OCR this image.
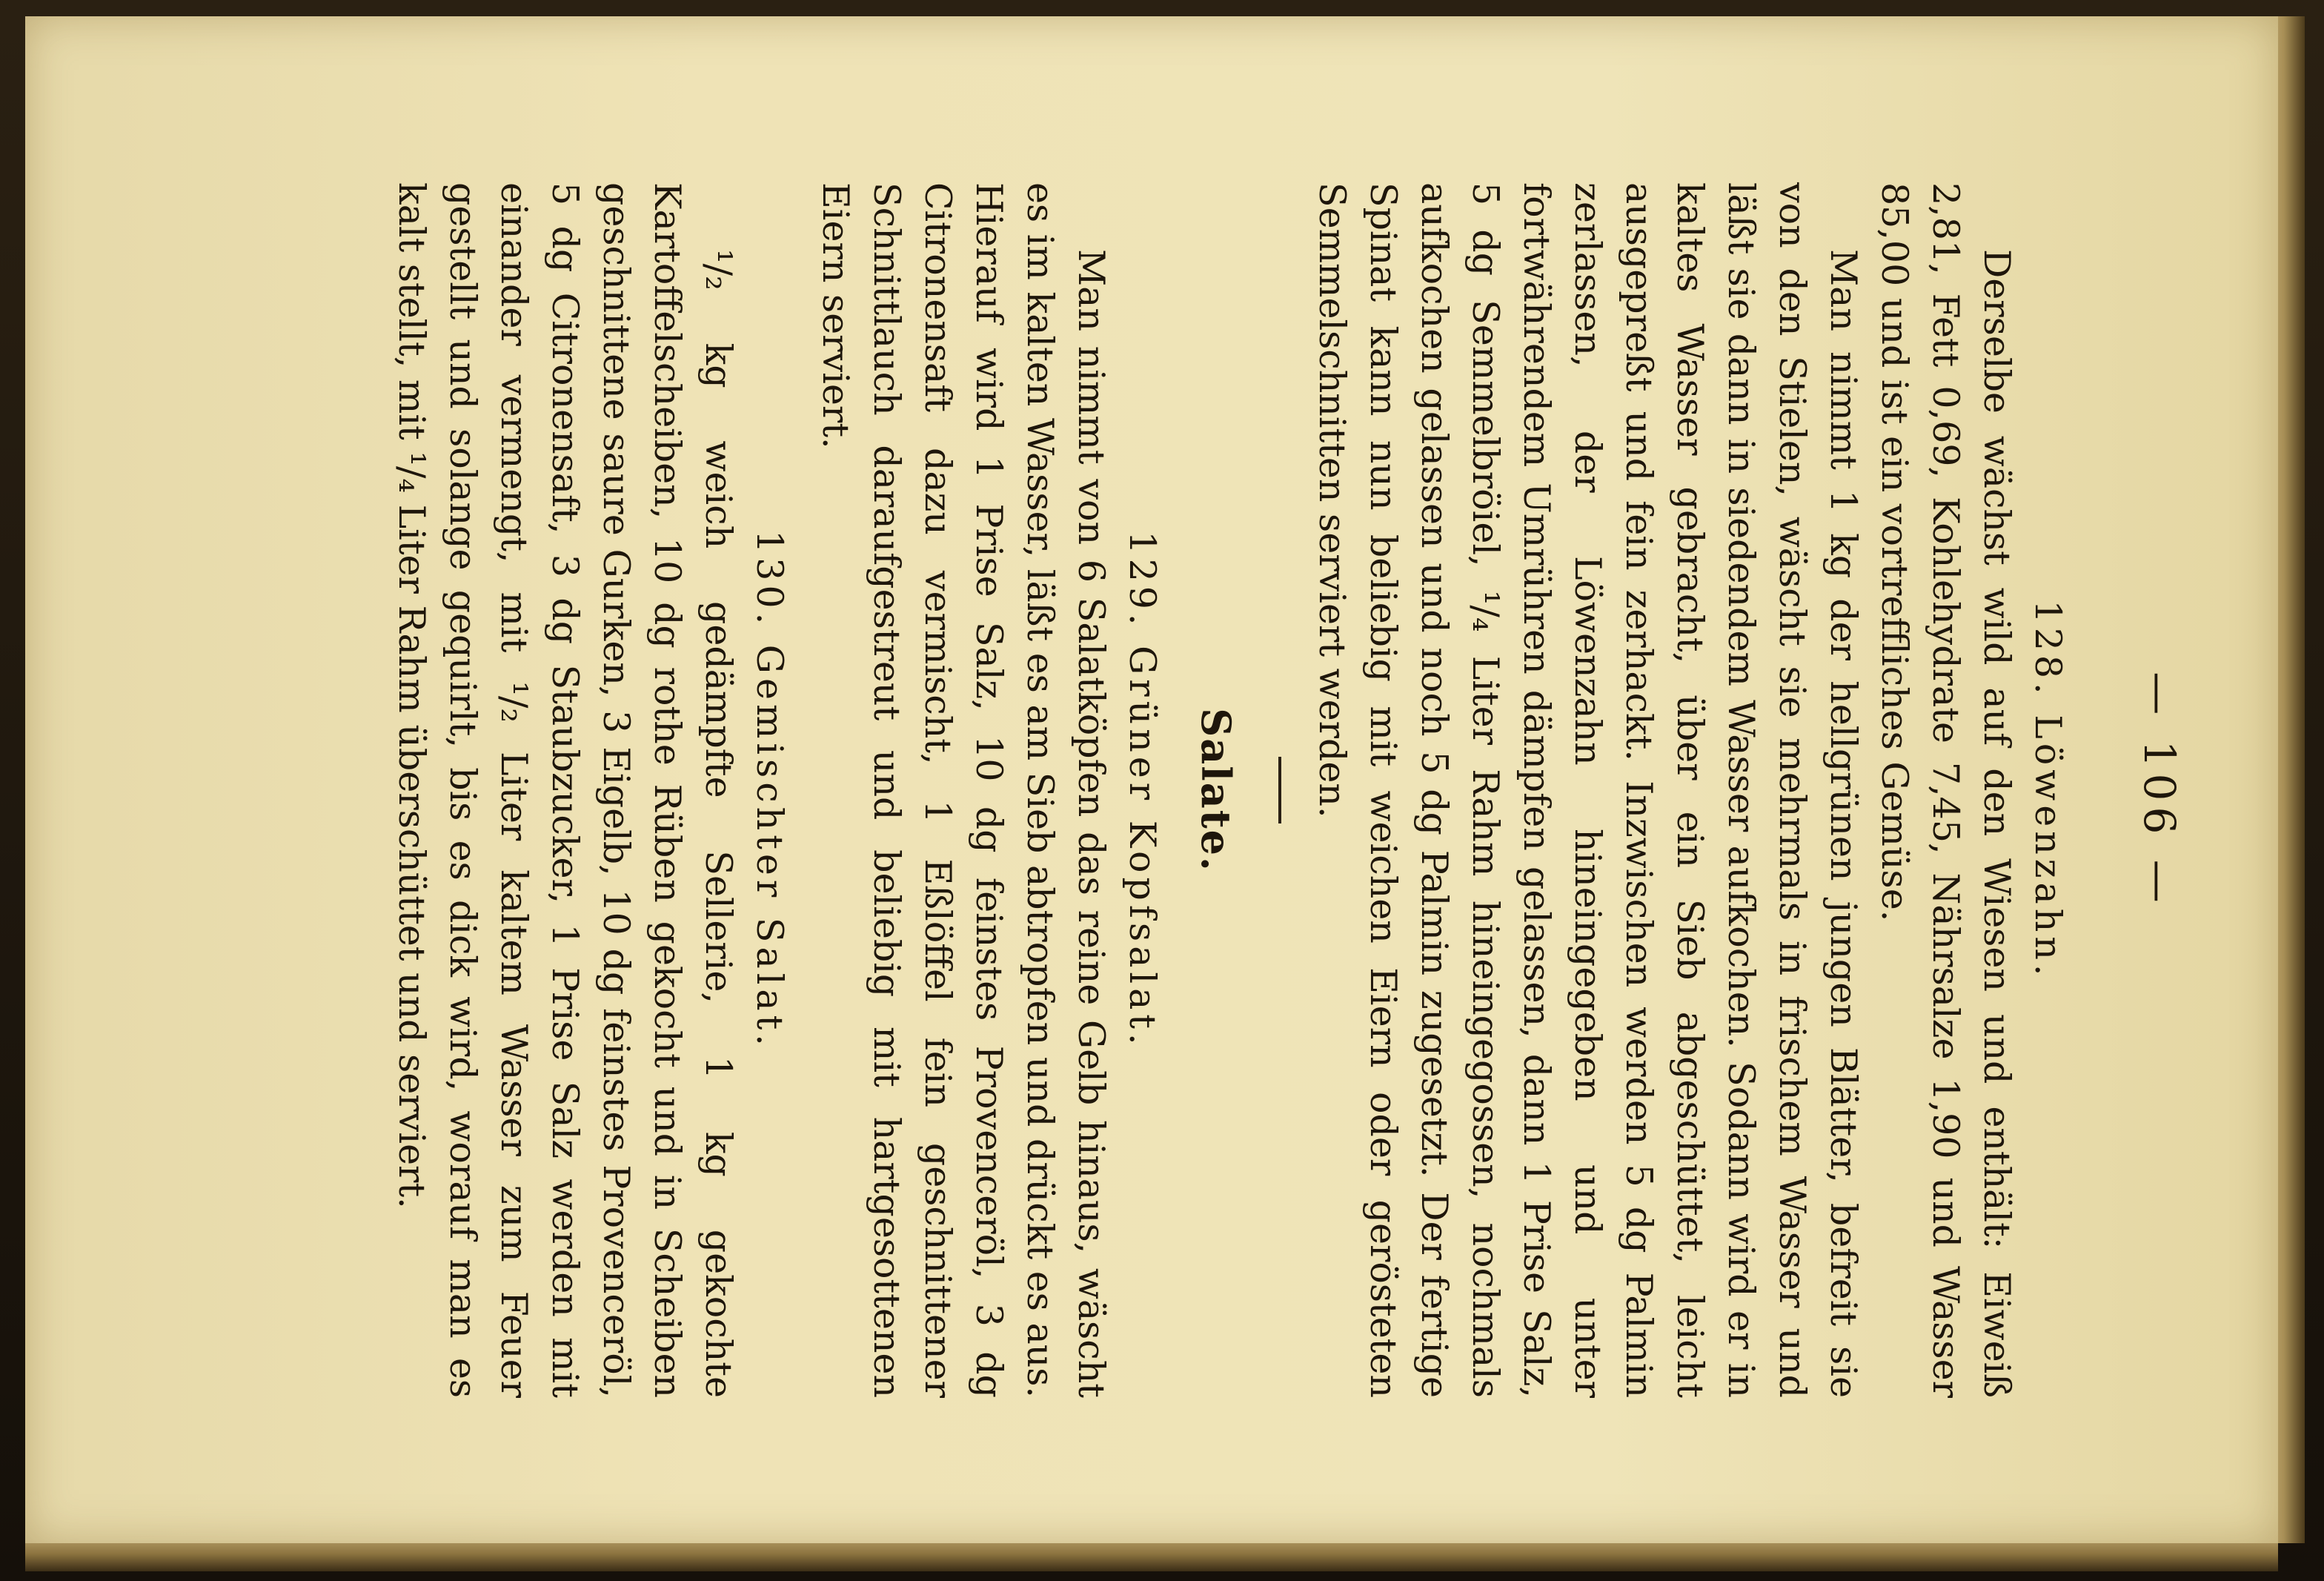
— 106 —

128. Löwenzahn.

Derselbe wächst wild auf den Wiesen und enthält: Eiweiß 2,81, Fett 0,69, Kohlehydrate 7,45, Nährsalze 1,90 und Wasser 85,00 und ist ein vortreffliches Gemüse.

Man nimmt 1 kg der hellgrünen jungen Blätter, befreit sie von den Stielen, wäscht sie mehrmals in frischem Wasser und läßt sie dann in siedendem Wasser aufkochen. Sodann wird er in kaltes Wasser gebracht, über ein Sieb abgeschüttet, leicht ausgepreßt und fein zerhackt. Inzwischen werden 5 dg Palmin zerlassen, der Löwenzahn hineingegeben und unter fortwährendem Umrühren dämpfen gelassen, dann 1 Prise Salz, 5 dg Semmelbröiel, ¹/₄ Liter Rahm hineingegossen, nochmals aufkochen gelassen und noch 5 dg Palmin zugesetzt. Der fertige Spinat kann nun beliebig mit weichen Eiern oder gerösteten Semmelschnitten serviert werden.

Salate.

129. Grüner Kopfsalat.

Man nimmt von 6 Salatköpfen das reine Gelb hinaus, wäscht es im kalten Wasser, läßt es am Sieb abtropfen und drückt es aus. Hierauf wird 1 Prise Salz, 10 dg feinstes Provenceröl, 3 dg Citronensaft dazu vermischt, 1 Eßlöffel fein geschnittener Schnittlauch daraufgestreut und beliebig mit hartgesottenen Eiern serviert.

130. Gemischter Salat.

¹/₂ kg weich gedämpfte Sellerie, 1 kg gekochte Kartoffelscheiben, 10 dg rothe Rüben gekocht und in Scheiben geschnittene saure Gurken, 3 Eigelb, 10 dg feinstes Provenceröl, 5 dg Citronensaft, 3 dg Staubzucker, 1 Prise Salz werden mit einander vermengt, mit ¹/₂ Liter kaltem Wasser zum Feuer gestellt und solange gequirlt, bis es dick wird, worauf man es kalt stellt, mit ¹/₄ Liter Rahm überschüttet und serviert.
